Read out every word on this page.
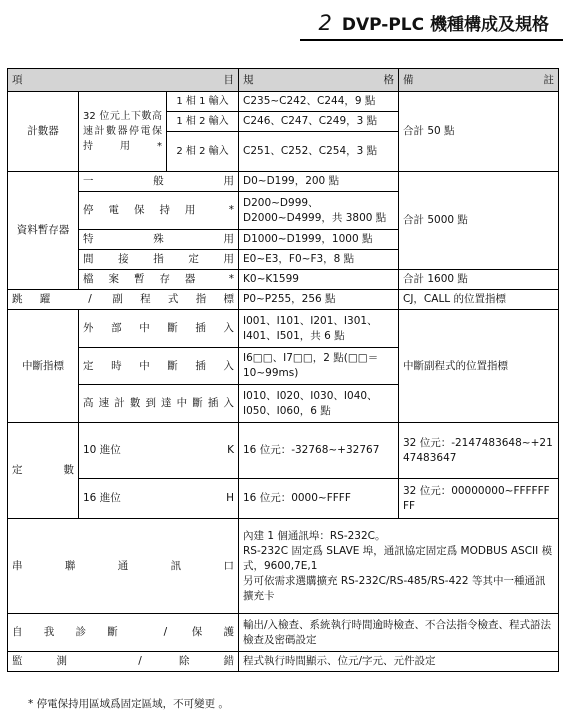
2 DVP-PLC 機種構成及規格
項 目			規 格	備 註

計數器	32 位元上下數高速計數器停電保持用*	1 相 1 輸入	C235~C242、C244，9 點	合計 50 點
		1 相 2 輸入	C246、C247、C249，3 點	
		2 相 2 輸入	C251、C252、C254，3 點	
資料暫存器	一般用		D0~D199，200 點	合計 5000 點
	停電保持用 *		D200~D999、
D2000~D4999，共 3800 點	

	特殊用		D1000~D1999，1000 點	
	間接指定用		E0~E3，F0~F3，8 點	
	檔案暫存器 *		K0~K1599	合計 1600 點
跳躍 / 副程式指標			P0~P255，256 點	CJ，CALL 的位置指標
中斷指標	外部中斷插入		I001、I101、I201、I301、I401、I501，共 6 點	中斷副程式的位置指標
	定時中斷插入		I6□□、I7□□，2 點(□□＝10~99ms)	
	高速計數到達中斷插入		I010、I020、I030、I040、I050、I060，6 點	
定數	10 進位 K		16 位元：-32768~+32767	32 位元：-2147483648~+2147483647
	16 進位 H		16 位元：0000~FFFF	32 位元：00000000~FFFFFFFF
串聯通訊口			內建 1 個通訊埠：RS-232C。
RS-232C 固定爲 SLAVE 埠，通訊協定固定爲 MODBUS ASCII 模式，9600,7E,1
另可依需求選購擴充 RS-232C/RS-485/RS-422 等其中一種通訊擴充卡	

自我診斷 / 保護			輸出/入檢查、系統執行時間逾時檢查、不合法指令檢查、程式語法檢查及密碼設定	
監測 / 除錯			程式執行時間顯示、位元/字元、元件設定	
* 停電保持用區域爲固定區域，不可變更 。
